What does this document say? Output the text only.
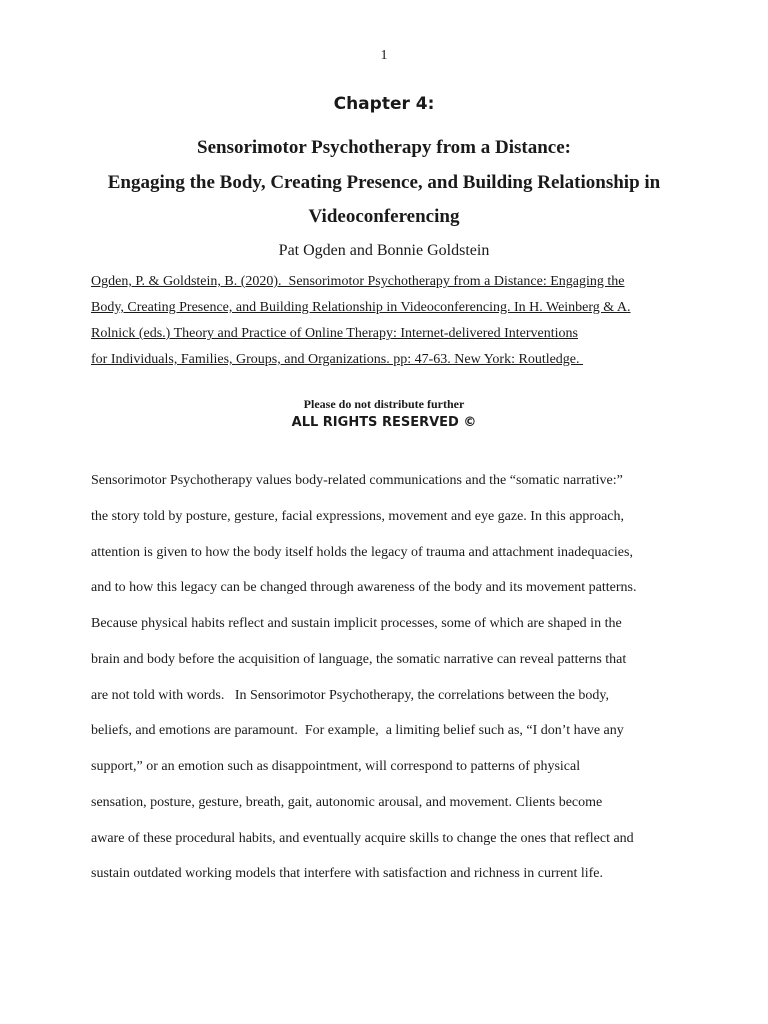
1
Chapter 4:
Sensorimotor Psychotherapy from a Distance:
Engaging the Body, Creating Presence, and Building Relationship in
Videoconferencing
Pat Ogden and Bonnie Goldstein
Ogden, P. & Goldstein, B. (2020).  Sensorimotor Psychotherapy from a Distance: Engaging the
Body, Creating Presence, and Building Relationship in Videoconferencing. In H. Weinberg & A.
Rolnick (eds.) Theory and Practice of Online Therapy: Internet-delivered Interventions
for Individuals, Families, Groups, and Organizations. pp: 47-63. New York: Routledge.
Please do not distribute further
ALL RIGHTS RESERVED ©
Sensorimotor Psychotherapy values body-related communications and the “somatic narrative:”
the story told by posture, gesture, facial expressions, movement and eye gaze. In this approach,
attention is given to how the body itself holds the legacy of trauma and attachment inadequacies,
and to how this legacy can be changed through awareness of the body and its movement patterns.
Because physical habits reflect and sustain implicit processes, some of which are shaped in the
brain and body before the acquisition of language, the somatic narrative can reveal patterns that
are not told with words.   In Sensorimotor Psychotherapy, the correlations between the body,
beliefs, and emotions are paramount.  For example,  a limiting belief such as, “I don’t have any
support,” or an emotion such as disappointment, will correspond to patterns of physical
sensation, posture, gesture, breath, gait, autonomic arousal, and movement. Clients become
aware of these procedural habits, and eventually acquire skills to change the ones that reflect and
sustain outdated working models that interfere with satisfaction and richness in current life.
